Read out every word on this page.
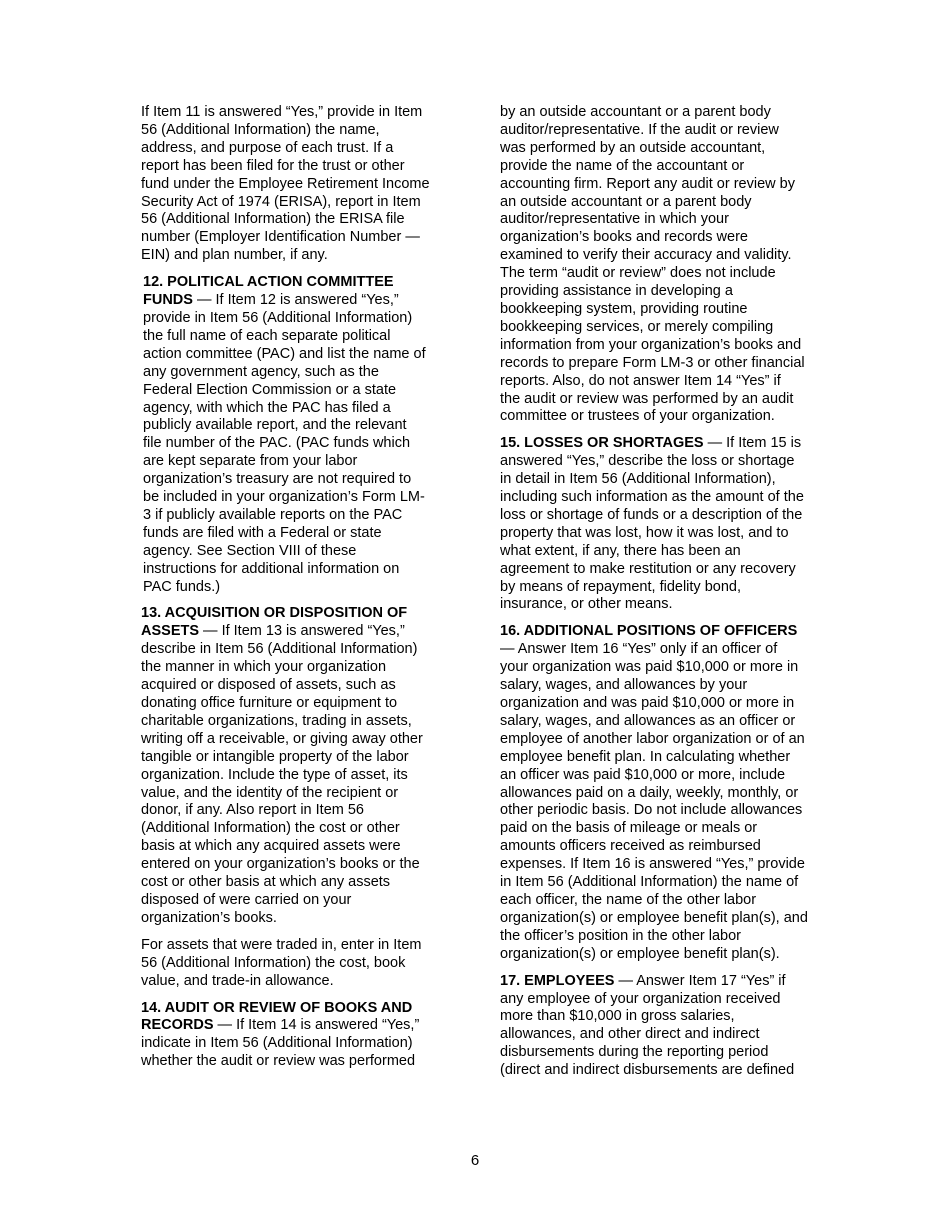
If Item 11 is answered “Yes,” provide in Item
56 (Additional Information) the name,
address, and purpose of each trust. If a
report has been filed for the trust or other
fund under the Employee Retirement Income
Security Act of 1974 (ERISA), report in Item
56 (Additional Information) the ERISA file
number (Employer Identification Number —
EIN) and plan number, if any.

12. POLITICAL ACTION COMMITTEE
FUNDS — If Item 12 is answered “Yes,”
provide in Item 56 (Additional Information)
the full name of each separate political
action committee (PAC) and list the name of
any government agency, such as the
Federal Election Commission or a state
agency, with which the PAC has filed a
publicly available report, and the relevant
file number of the PAC. (PAC funds which
are kept separate from your labor
organization’s treasury are not required to
be included in your organization’s Form LM-
3 if publicly available reports on the PAC
funds are filed with a Federal or state
agency. See Section VIII of these
instructions for additional information on
PAC funds.)

13. ACQUISITION OR DISPOSITION OF
ASSETS — If Item 13 is answered “Yes,”
describe in Item 56 (Additional Information)
the manner in which your organization
acquired or disposed of assets, such as
donating office furniture or equipment to
charitable organizations, trading in assets,
writing off a receivable, or giving away other
tangible or intangible property of the labor
organization. Include the type of asset, its
value, and the identity of the recipient or
donor, if any. Also report in Item 56
(Additional Information) the cost or other
basis at which any acquired assets were
entered on your organization’s books or the
cost or other basis at which any assets
disposed of were carried on your
organization’s books.

For assets that were traded in, enter in Item
56 (Additional Information) the cost, book
value, and trade-in allowance.

14. AUDIT OR REVIEW OF BOOKS AND
RECORDS — If Item 14 is answered “Yes,”
indicate in Item 56 (Additional Information)
whether the audit or review was performed

by an outside accountant or a parent body
auditor/representative. If the audit or review
was performed by an outside accountant,
provide the name of the accountant or
accounting firm. Report any audit or review by
an outside accountant or a parent body
auditor/representative in which your
organization’s books and records were
examined to verify their accuracy and validity.
The term “audit or review” does not include
providing assistance in developing a
bookkeeping system, providing routine
bookkeeping services, or merely compiling
information from your organization’s books and
records to prepare Form LM-3 or other financial
reports. Also, do not answer Item 14 “Yes” if
the audit or review was performed by an audit
committee or trustees of your organization.

15. LOSSES OR SHORTAGES — If Item 15 is
answered “Yes,” describe the loss or shortage
in detail in Item 56 (Additional Information),
including such information as the amount of the
loss or shortage of funds or a description of the
property that was lost, how it was lost, and to
what extent, if any, there has been an
agreement to make restitution or any recovery
by means of repayment, fidelity bond,
insurance, or other means.

16. ADDITIONAL POSITIONS OF OFFICERS
— Answer Item 16 “Yes” only if an officer of
your organization was paid $10,000 or more in
salary, wages, and allowances by your
organization and was paid $10,000 or more in
salary, wages, and allowances as an officer or
employee of another labor organization or of an
employee benefit plan. In calculating whether
an officer was paid $10,000 or more, include
allowances paid on a daily, weekly, monthly, or
other periodic basis. Do not include allowances
paid on the basis of mileage or meals or
amounts officers received as reimbursed
expenses. If Item 16 is answered “Yes,” provide
in Item 56 (Additional Information) the name of
each officer, the name of the other labor
organization(s) or employee benefit plan(s), and
the officer’s position in the other labor
organization(s) or employee benefit plan(s).

17. EMPLOYEES — Answer Item 17 “Yes” if
any employee of your organization received
more than $10,000 in gross salaries,
allowances, and other direct and indirect
disbursements during the reporting period
(direct and indirect disbursements are defined

6
